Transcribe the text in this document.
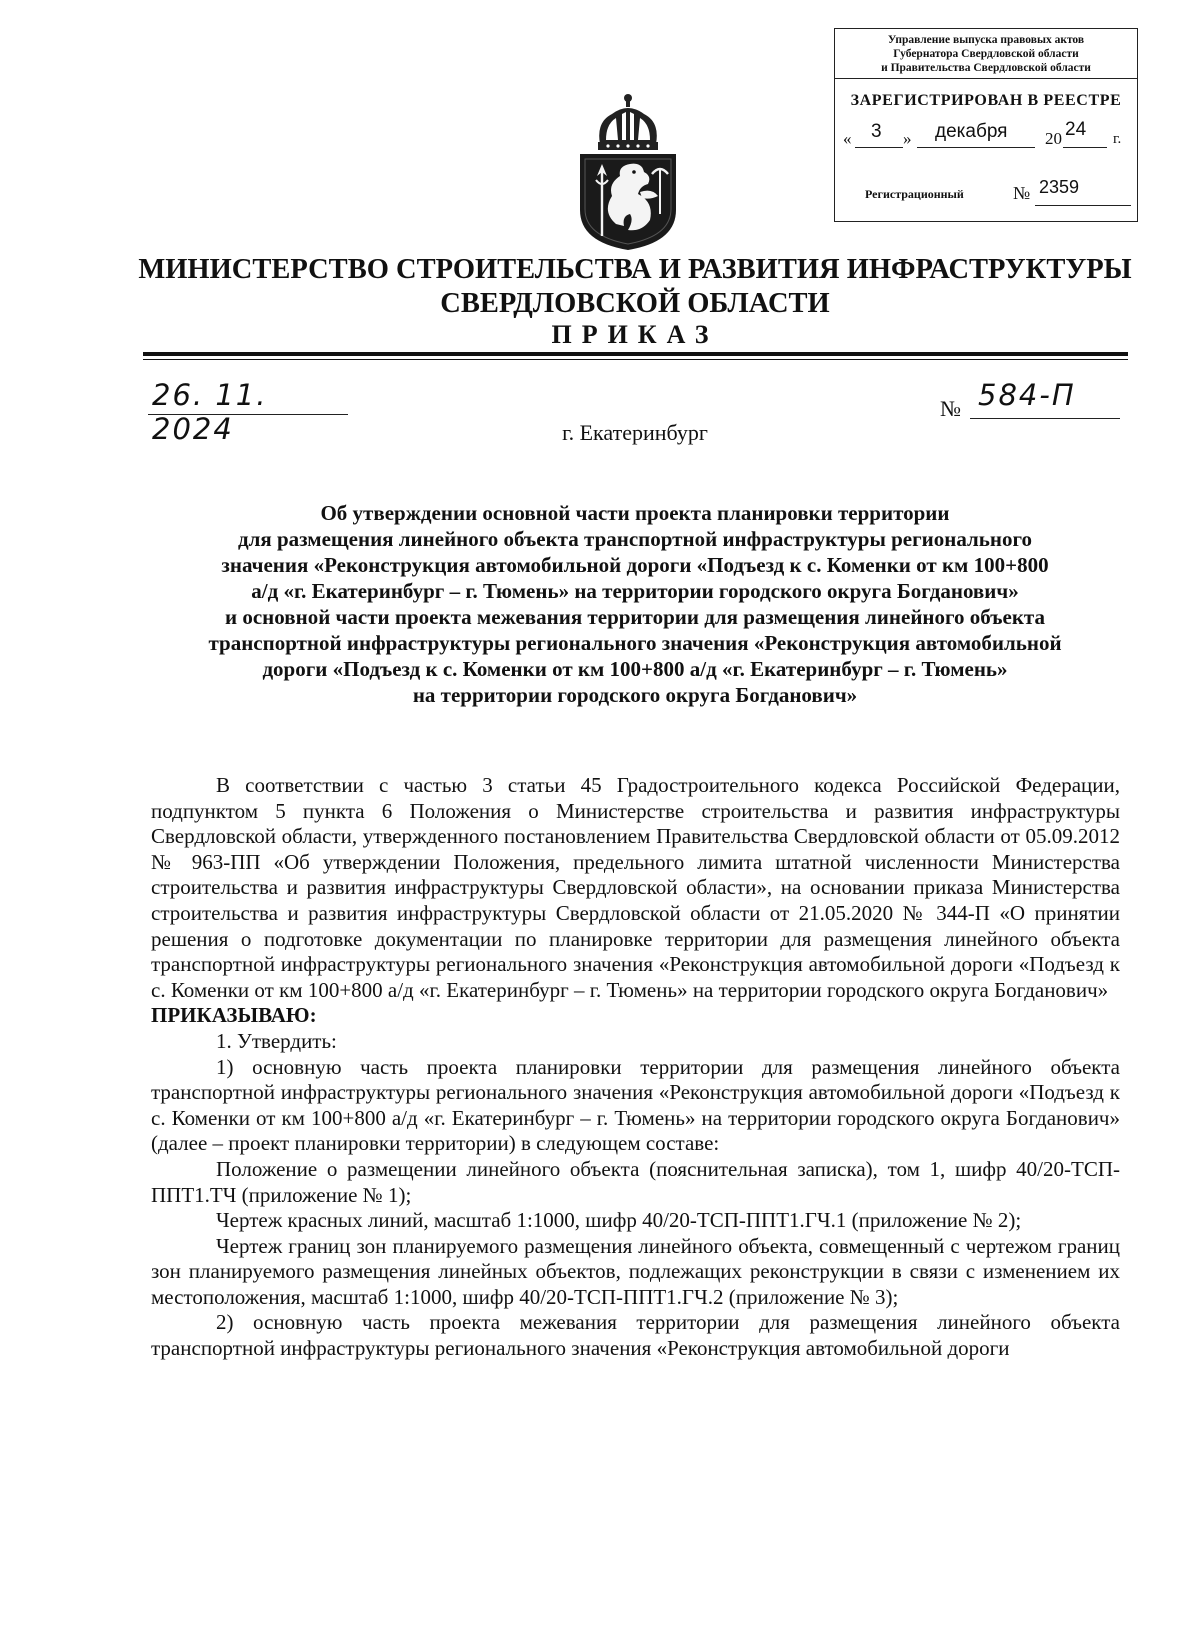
Управление выпуска правовых актов
Губернатора Свердловской области
и Правительства Свердловской области
ЗАРЕГИСТРИРОВАН В РЕЕСТРЕ
« 3 » декабря 20 24 г.
Регистрационный	№ 2359
МИНИСТЕРСТВО СТРОИТЕЛЬСТВА И РАЗВИТИЯ ИНФРАСТРУКТУРЫ
СВЕРДЛОВСКОЙ ОБЛАСТИ
ПРИКАЗ
26. 11. 2024
№ 584-П
г. Екатеринбург
Об утверждении основной части проекта планировки территории
для размещения линейного объекта транспортной инфраструктуры регионального
значения «Реконструкция автомобильной дороги «Подъезд к с. Коменки от км 100+800
а/д «г. Екатеринбург – г. Тюмень» на территории городского округа Богданович»
и основной части проекта межевания территории для размещения линейного объекта
транспортной инфраструктуры регионального значения «Реконструкция автомобильной
дороги «Подъезд к с. Коменки от км 100+800 а/д «г. Екатеринбург – г. Тюмень»
на территории городского округа Богданович»

В соответствии с частью 3 статьи 45 Градостроительного кодекса Российской Федерации, подпунктом 5 пункта 6 Положения о Министерстве строительства и развития инфраструктуры Свердловской области, утвержденного постановлением Правительства Свердловской области от 05.09.2012 № 963-ПП «Об утверждении Положения, предельного лимита штатной численности Министерства строительства и развития инфраструктуры Свердловской области», на основании приказа Министерства строительства и развития инфраструктуры Свердловской области от 21.05.2020 № 344-П «О принятии решения о подготовке документации по планировке территории для размещения линейного объекта транспортной инфраструктуры регионального значения «Реконструкция автомобильной дороги «Подъезд к с. Коменки от км 100+800 а/д «г. Екатеринбург – г. Тюмень» на территории городского округа Богданович»

ПРИКАЗЫВАЮ:

1. Утвердить:

1) основную часть проекта планировки территории для размещения линейного объекта транспортной инфраструктуры регионального значения «Реконструкция автомобильной дороги «Подъезд к с. Коменки от км 100+800 а/д «г. Екатеринбург – г. Тюмень» на территории городского округа Богданович» (далее – проект планировки территории) в следующем составе:

Положение о размещении линейного объекта (пояснительная записка), том 1, шифр 40/20-ТСП-ППТ1.ТЧ (приложение № 1);

Чертеж красных линий, масштаб 1:1000, шифр 40/20-ТСП-ППТ1.ГЧ.1 (приложение № 2);

Чертеж границ зон планируемого размещения линейного объекта, совмещенный с чертежом границ зон планируемого размещения линейных объектов, подлежащих реконструкции в связи с изменением их местоположения, масштаб 1:1000, шифр 40/20-ТСП-ППТ1.ГЧ.2 (приложение № 3);

2) основную часть проекта межевания территории для размещения линейного объекта транспортной инфраструктуры регионального значения «Реконструкция автомобильной дороги
